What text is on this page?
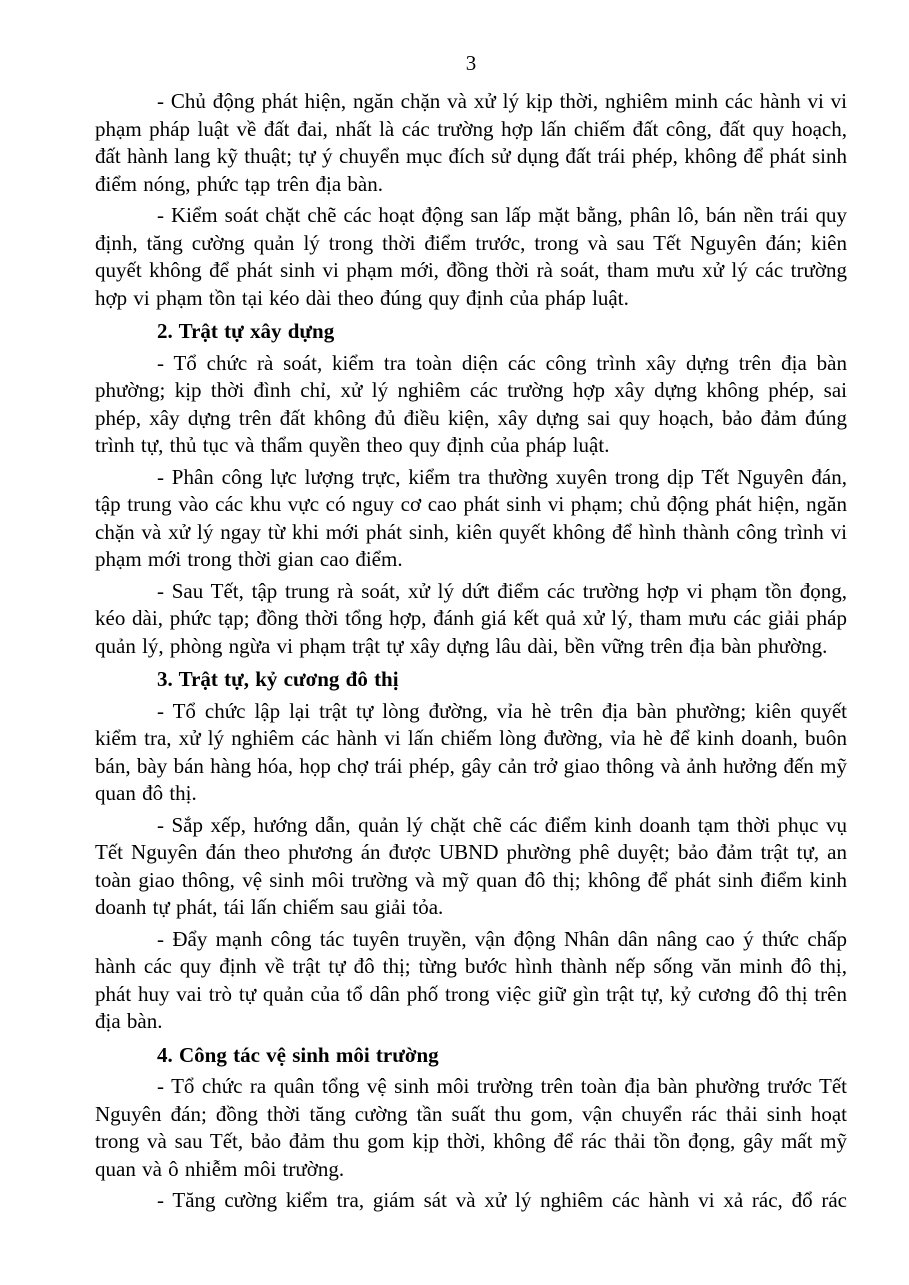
3

- Chủ động phát hiện, ngăn chặn và xử lý kịp thời, nghiêm minh các hành vi vi phạm pháp luật về đất đai, nhất là các trường hợp lấn chiếm đất công, đất quy hoạch, đất hành lang kỹ thuật; tự ý chuyển mục đích sử dụng đất trái phép, không để phát sinh điểm nóng, phức tạp trên địa bàn.

- Kiểm soát chặt chẽ các hoạt động san lấp mặt bằng, phân lô, bán nền trái quy định, tăng cường quản lý trong thời điểm trước, trong và sau Tết Nguyên đán; kiên quyết không để phát sinh vi phạm mới, đồng thời rà soát, tham mưu xử lý các trường hợp vi phạm tồn tại kéo dài theo đúng quy định của pháp luật.

2. Trật tự xây dựng

- Tổ chức rà soát, kiểm tra toàn diện các công trình xây dựng trên địa bàn phường; kịp thời đình chỉ, xử lý nghiêm các trường hợp xây dựng không phép, sai phép, xây dựng trên đất không đủ điều kiện, xây dựng sai quy hoạch, bảo đảm đúng trình tự, thủ tục và thẩm quyền theo quy định của pháp luật.

- Phân công lực lượng trực, kiểm tra thường xuyên trong dịp Tết Nguyên đán, tập trung vào các khu vực có nguy cơ cao phát sinh vi phạm; chủ động phát hiện, ngăn chặn và xử lý ngay từ khi mới phát sinh, kiên quyết không để hình thành công trình vi phạm mới trong thời gian cao điểm.

- Sau Tết, tập trung rà soát, xử lý dứt điểm các trường hợp vi phạm tồn đọng, kéo dài, phức tạp; đồng thời tổng hợp, đánh giá kết quả xử lý, tham mưu các giải pháp quản lý, phòng ngừa vi phạm trật tự xây dựng lâu dài, bền vững trên địa bàn phường.

3. Trật tự, kỷ cương đô thị

- Tổ chức lập lại trật tự lòng đường, vỉa hè trên địa bàn phường; kiên quyết kiểm tra, xử lý nghiêm các hành vi lấn chiếm lòng đường, vỉa hè để kinh doanh, buôn bán, bày bán hàng hóa, họp chợ trái phép, gây cản trở giao thông và ảnh hưởng đến mỹ quan đô thị.

- Sắp xếp, hướng dẫn, quản lý chặt chẽ các điểm kinh doanh tạm thời phục vụ Tết Nguyên đán theo phương án được UBND phường phê duyệt; bảo đảm trật tự, an toàn giao thông, vệ sinh môi trường và mỹ quan đô thị; không để phát sinh điểm kinh doanh tự phát, tái lấn chiếm sau giải tỏa.

- Đẩy mạnh công tác tuyên truyền, vận động Nhân dân nâng cao ý thức chấp hành các quy định về trật tự đô thị; từng bước hình thành nếp sống văn minh đô thị, phát huy vai trò tự quản của tổ dân phố trong việc giữ gìn trật tự, kỷ cương đô thị trên địa bàn.

4. Công tác vệ sinh môi trường

- Tổ chức ra quân tổng vệ sinh môi trường trên toàn địa bàn phường trước Tết Nguyên đán; đồng thời tăng cường tần suất thu gom, vận chuyển rác thải sinh hoạt trong và sau Tết, bảo đảm thu gom kịp thời, không để rác thải tồn đọng, gây mất mỹ quan và ô nhiễm môi trường.

- Tăng cường kiểm tra, giám sát và xử lý nghiêm các hành vi xả rác, đổ rác
